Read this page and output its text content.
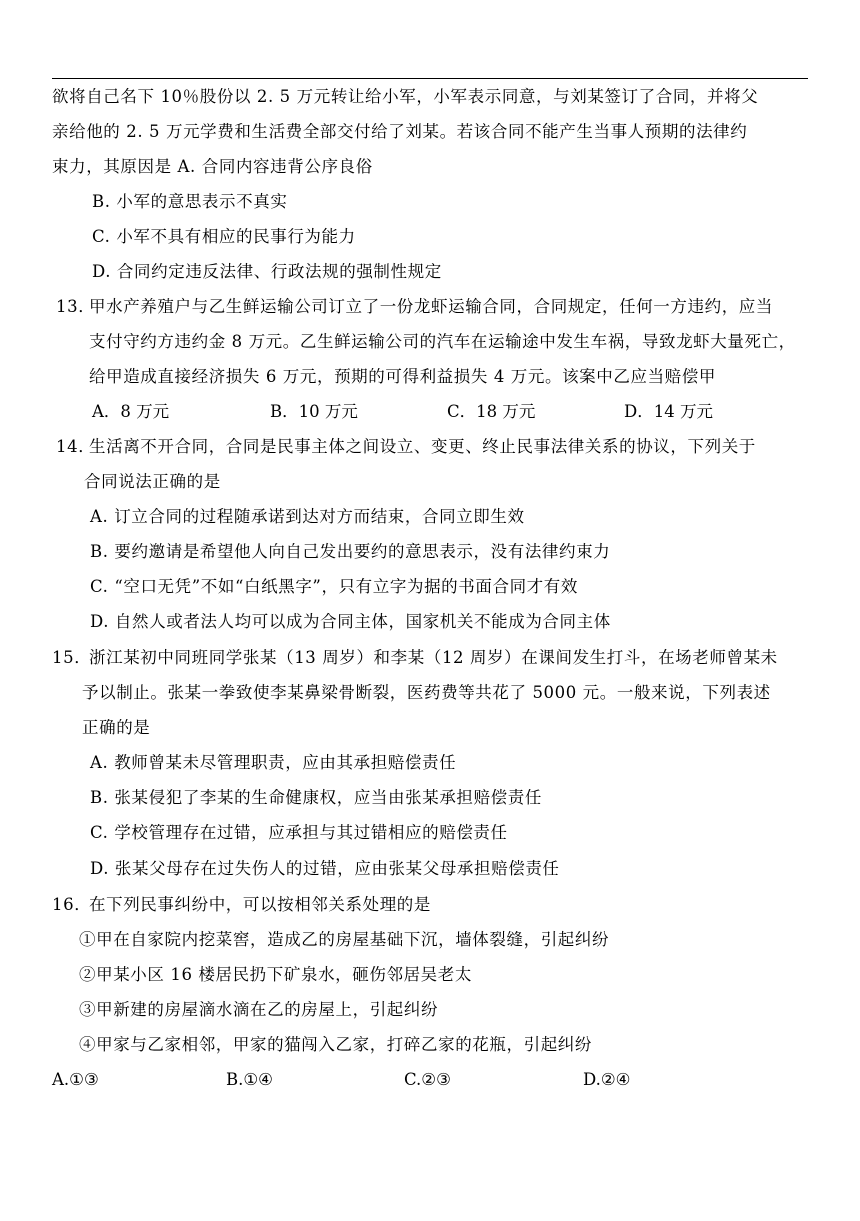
欲将自己名下 10％股份以 2. 5 万元转让给小军，小军表示同意，与刘某签订了合同，并将父
亲给他的 2. 5 万元学费和生活费全部交付给了刘某。若该合同不能产生当事人预期的法律约
束力，其原因是 A. 合同内容违背公序良俗
B. 小军的意思表示不真实
C. 小军不具有相应的民事行为能力
D. 合同约定违反法律、行政法规的强制性规定
13．
甲水产养殖户与乙生鲜运输公司订立了一份龙虾运输合同，合同规定，任何一方违约，应当
支付守约方违约金 8 万元。乙生鲜运输公司的汽车在运输途中发生车祸，导致龙虾大量死亡，
给甲造成直接经济损失 6 万元，预期的可得利益损失 4 万元。该案中乙应当赔偿甲
A．8 万元	B．10 万元	C．18 万元	D．14 万元
14．
生活离不开合同，合同是民事主体之间设立、变更、终止民事法律关系的协议，下列关于
合同说法正确的是
A. 订立合同的过程随承诺到达对方而结束，合同立即生效
B. 要约邀请是希望他人向自己发出要约的意思表示，没有法律约束力
C. “空口无凭”不如“白纸黑字”，只有立字为据的书面合同才有效
D. 自然人或者法人均可以成为合同主体，国家机关不能成为合同主体
15．
浙江某初中同班同学张某（13 周岁）和李某（12 周岁）在课间发生打斗，在场老师曾某未
予以制止。张某一拳致使李某鼻梁骨断裂，医药费等共花了 5000 元。一般来说，下列表述
正确的是
A. 教师曾某未尽管理职责，应由其承担赔偿责任
B. 张某侵犯了李某的生命健康权，应当由张某承担赔偿责任
C. 学校管理存在过错，应承担与其过错相应的赔偿责任
D. 张某父母存在过失伤人的过错，应由张某父母承担赔偿责任
16．
在下列民事纠纷中，可以按相邻关系处理的是
①甲在自家院内挖菜窖，造成乙的房屋基础下沉，墙体裂缝，引起纠纷
②甲某小区 16 楼居民扔下矿泉水，砸伤邻居吴老太
③甲新建的房屋滴水滴在乙的房屋上，引起纠纷
④甲家与乙家相邻，甲家的猫闯入乙家，打碎乙家的花瓶，引起纠纷
A.①③	B.①④	C.②③	D.②④
